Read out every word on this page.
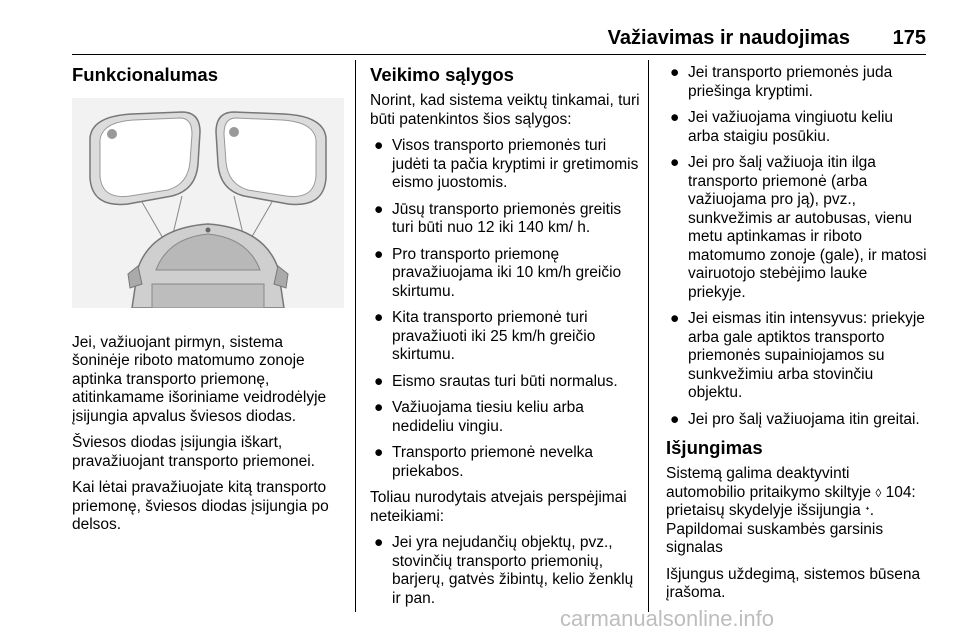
Važiavimas ir naudojimas 175
Funkcionalumas

Jei, važiuojant pirmyn, sistema šoninėje riboto matomumo zonoje aptinka transporto priemonę, atitinkamame išoriniame veidrodėlyje įsijungia apvalus šviesos diodas.

Šviesos diodas įsijungia iškart, pravažiuojant transporto priemonei.

Kai lėtai pravažiuojate kitą transporto priemonę, šviesos diodas įsijungia po delsos.

Veikimo sąlygos

Norint, kad sistema veiktų tinkamai, turi būti patenkintos šios sąlygos:

● Visos transporto priemonės turi judėti ta pačia kryptimi ir gretimomis eismo juostomis.
● Jūsų transporto priemonės greitis turi būti nuo 12 iki 140 km/ h.
● Pro transporto priemonę pravažiuojama iki 10 km/h greičio skirtumu.
● Kita transporto priemonė turi pravažiuoti iki 25 km/h greičio skirtumu.
● Eismo srautas turi būti normalus.
● Važiuojama tiesiu keliu arba nedideliu vingiu.
● Transporto priemonė nevelka priekabos.

Toliau nurodytais atvejais perspėjimai neteikiami:

● Jei yra nejudančių objektų, pvz., stovinčių transporto priemonių, barjerų, gatvės žibintų, kelio ženklų ir pan.
● Jei transporto priemonės juda priešinga kryptimi.
● Jei važiuojama vingiuotu keliu arba staigiu posūkiu.
● Jei pro šalį važiuoja itin ilga transporto priemonė (arba važiuojama pro ją), pvz., sunkvežimis ar autobusas, vienu metu aptinkamas ir riboto matomumo zonoje (gale), ir matosi vairuotojo stebėjimo lauke priekyje.
● Jei eismas itin intensyvus: priekyje arba gale aptiktos transporto priemonės supainiojamos su sunkvežimiu arba stovinčiu objektu.
● Jei pro šalį važiuojama itin greitai.
Išjungimas

Sistemą galima deaktyvinti automobilio pritaikymo skiltyje ◊ 104: prietaisų skydelyje išsijungia ᐩ. Papildomai suskambės garsinis signalas

Išjungus uždegimą, sistemos būsena įrašoma.

carmanualsonline.info
